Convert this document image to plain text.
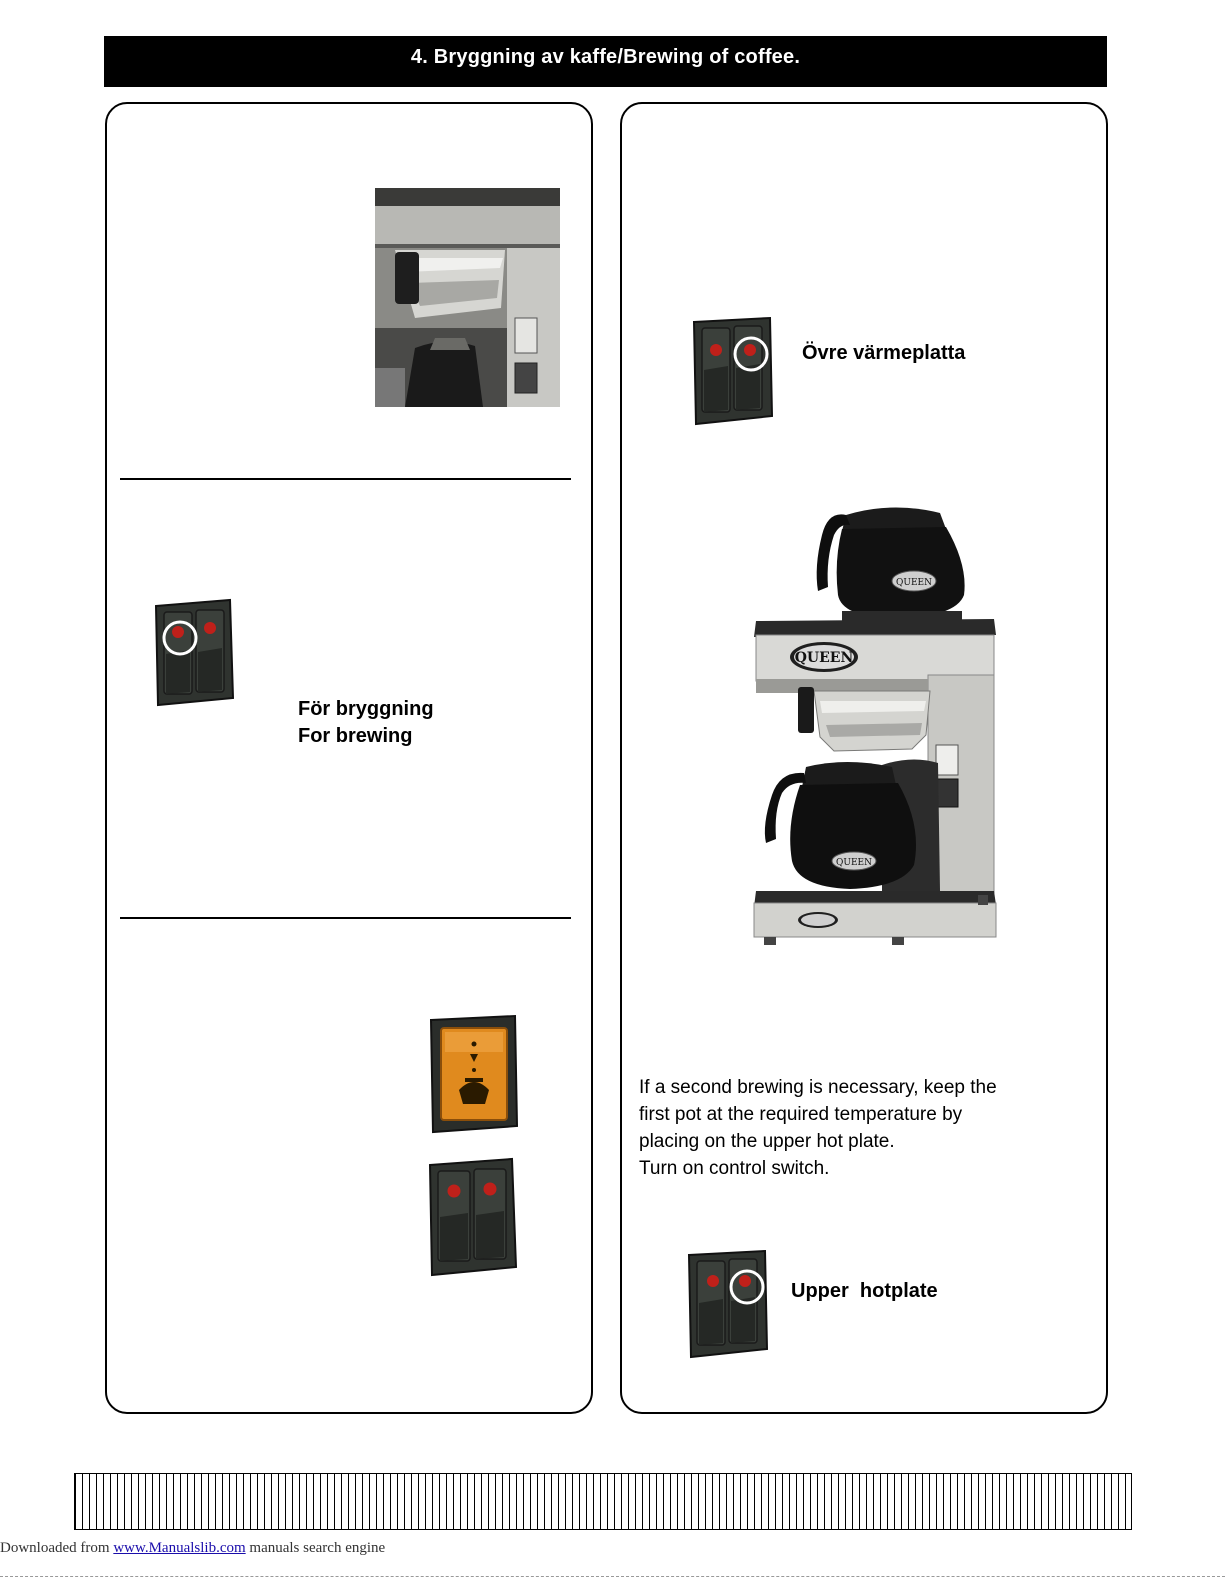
4. Bryggning av kaffe/Brewing of coffee.
För bryggning
For brewing
Övre värmeplatta
QUEEN
QUEEN
QUEEN
If a second brewing is necessary, keep the
first pot at the required temperature by
placing on the upper hot plate.
Turn on control switch.
Upper  hotplate
Downloaded from www.Manualslib.com manuals search engine
